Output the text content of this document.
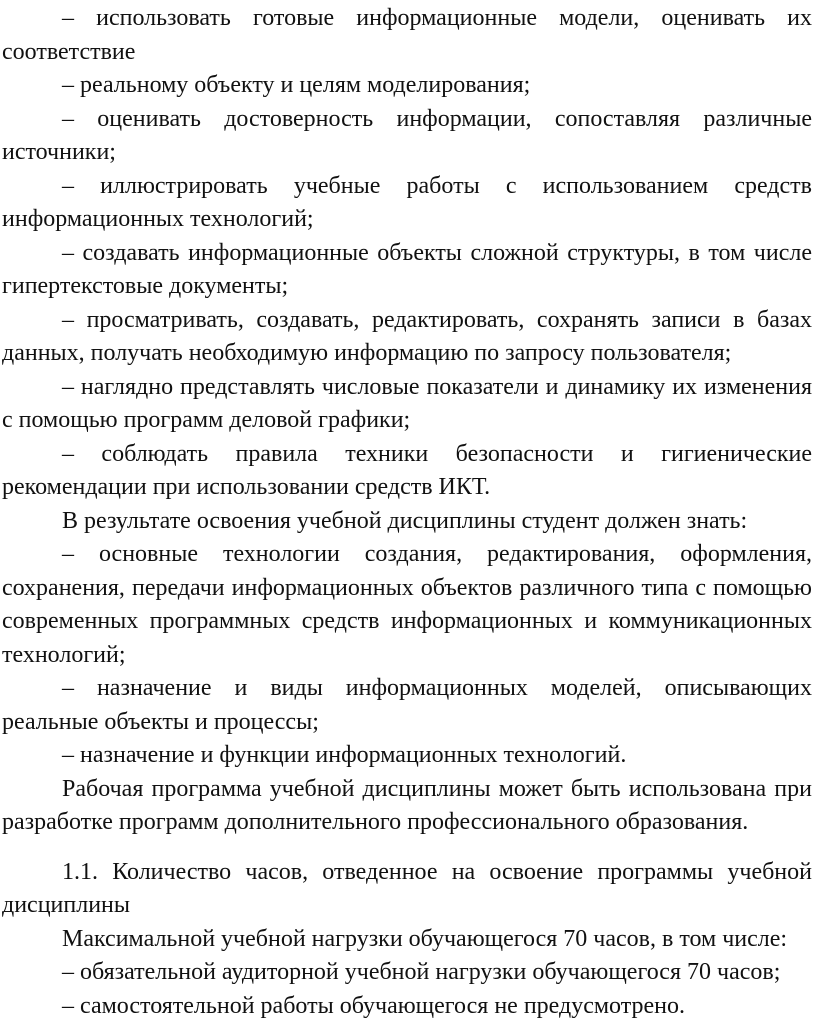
– использовать готовые информационные модели, оценивать их соответствие

– реальному объекту и целям моделирования;

– оценивать достоверность информации, сопоставляя различные источники;

– иллюстрировать учебные работы с использованием средств информационных технологий;

– создавать информационные объекты сложной структуры, в том числе гипертекстовые документы;

– просматривать, создавать, редактировать, сохранять записи в базах данных, получать необходимую информацию по запросу пользователя;

– наглядно представлять числовые показатели и динамику их изменения с помощью программ деловой графики;

– соблюдать правила техники безопасности и гигиенические рекомендации при использовании средств ИКТ.

В результате освоения учебной дисциплины студент должен знать:

– основные технологии создания, редактирования, оформления, сохранения, передачи информационных объектов различного типа с помощью современных программных средств информационных и коммуникационных технологий;

– назначение и виды информационных моделей, описывающих реальные объекты и процессы;

– назначение и функции информационных технологий.

Рабочая программа учебной дисциплины может быть использована при разработке программ дополнительного профессионального образования.

1.1. Количество часов, отведенное на освоение программы учебной дисциплины

Максимальной учебной нагрузки обучающегося 70 часов, в том числе:

– обязательной аудиторной учебной нагрузки обучающегося 70 часов;

– самостоятельной работы обучающегося не предусмотрено.
